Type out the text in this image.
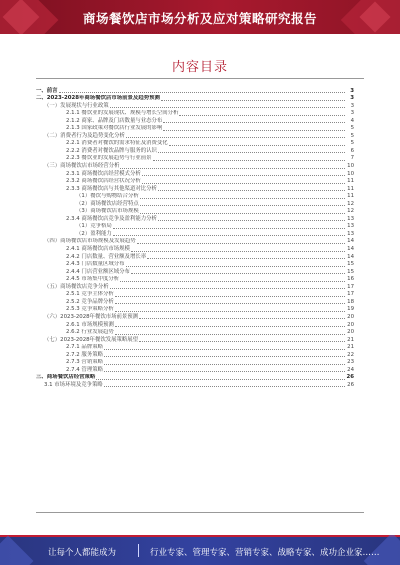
商场餐饮店市场分析及应对策略研究报告
内容目录
一、前言	3
二、2023-2028年商场餐饮店市场前景及趋势预测	3
（一）发展现状与行业政策	3
2.1.1 餐饮业的发展现状、规模与增长空间分析	3
2.1.2 商家、品牌及门店数量与业态分布	4
2.1.3 国家政策对餐饮店行业发展的影响	5
（二）消费者行为及趋势变化分析	5
2.2.1 消费者对餐饮的需求特征及消费变化	5
2.2.2 消费者对餐饮品牌与服务的认识	6
2.2.3 餐饮业的发展趋势与行业前景	7
（三）商场餐饮店市场经营分析	10
2.3.1 商场餐饮店经营模式分析	10
2.3.2 商场餐饮店经营状况分析	11
2.3.3 商场餐饮店与其他渠道对比分析	11
（1）餐饮与购物结合分析	11
（2）商场餐饮店经营特点	12
（3）商场餐饮店市场规模	12
2.3.4 商场餐饮店竞争及盈利能力分析	13
（1）竞争格局	13
（2）盈利能力	13
（四）商场餐饮店市场规模及发展趋势	14
2.4.1 商场餐饮店市场规模	14
2.4.2 门店数量、营业额及增长率	14
2.4.3 门店数量区域分布	15
2.4.4 门店营业额区域分布	15
2.4.5 市场集中度分析	16
（五）商场餐饮店竞争分析	17
2.5.1 竞争主体分析	17
2.5.2 竞争品牌分析	18
2.5.3 竞争策略分析	19
（六）2023-2028年餐饮市场前景预测	20
2.6.1 市场规模预测	20
2.6.2 行业发展趋势	20
（七）2023-2028年餐饮发展策略展望	21
2.7.1 品牌策略	21
2.7.2 服务策略	22
2.7.3 营销策略	23
2.7.4 管理策略	24
三、商场餐饮店经营策略	26
3.1 市场环境及竞争策略	26
让每个人都能成为	行业专家、管理专家、营销专家、战略专家、成功企业家……
